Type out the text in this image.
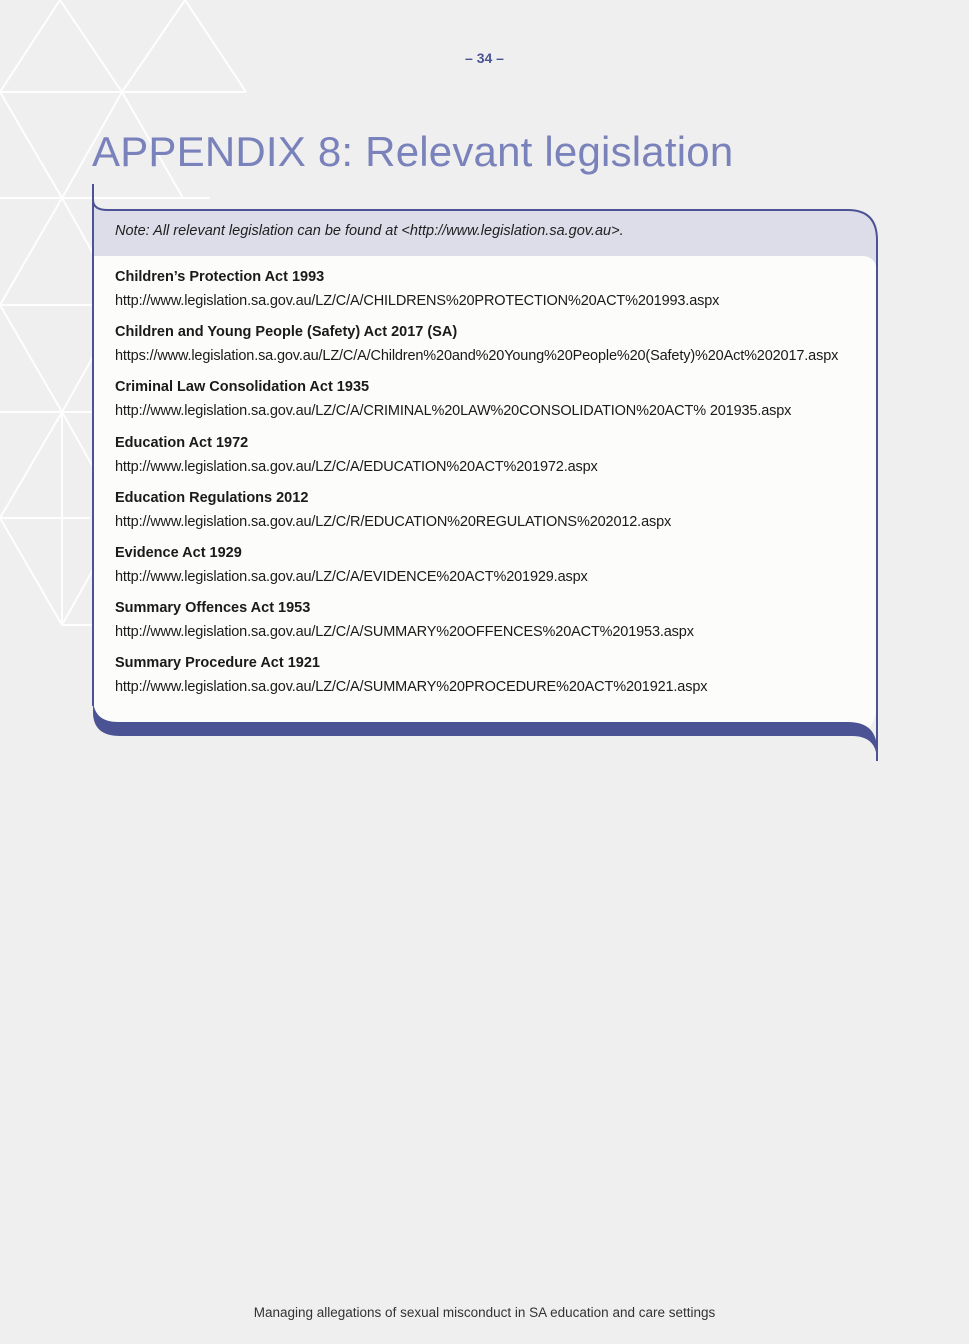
– 34 –
APPENDIX 8: Relevant legislation
Note: All relevant legislation can be found at <http://www.legislation.sa.gov.au>.
Children’s Protection Act 1993
http://www.legislation.sa.gov.au/LZ/C/A/CHILDRENS%20PROTECTION%20ACT%201993.aspx
Children and Young People (Safety) Act 2017 (SA)
https://www.legislation.sa.gov.au/LZ/C/A/Children%20and%20Young%20People%20(Safety)%20Act%202017.aspx
Criminal Law Consolidation Act 1935
http://www.legislation.sa.gov.au/LZ/C/A/CRIMINAL%20LAW%20CONSOLIDATION%20ACT% 201935.aspx
Education Act 1972
http://www.legislation.sa.gov.au/LZ/C/A/EDUCATION%20ACT%201972.aspx
Education Regulations 2012
http://www.legislation.sa.gov.au/LZ/C/R/EDUCATION%20REGULATIONS%202012.aspx
Evidence Act 1929
http://www.legislation.sa.gov.au/LZ/C/A/EVIDENCE%20ACT%201929.aspx
Summary Offences Act 1953
http://www.legislation.sa.gov.au/LZ/C/A/SUMMARY%20OFFENCES%20ACT%201953.aspx
Summary Procedure Act 1921
http://www.legislation.sa.gov.au/LZ/C/A/SUMMARY%20PROCEDURE%20ACT%201921.aspx
Managing allegations of sexual misconduct in SA education and care settings
